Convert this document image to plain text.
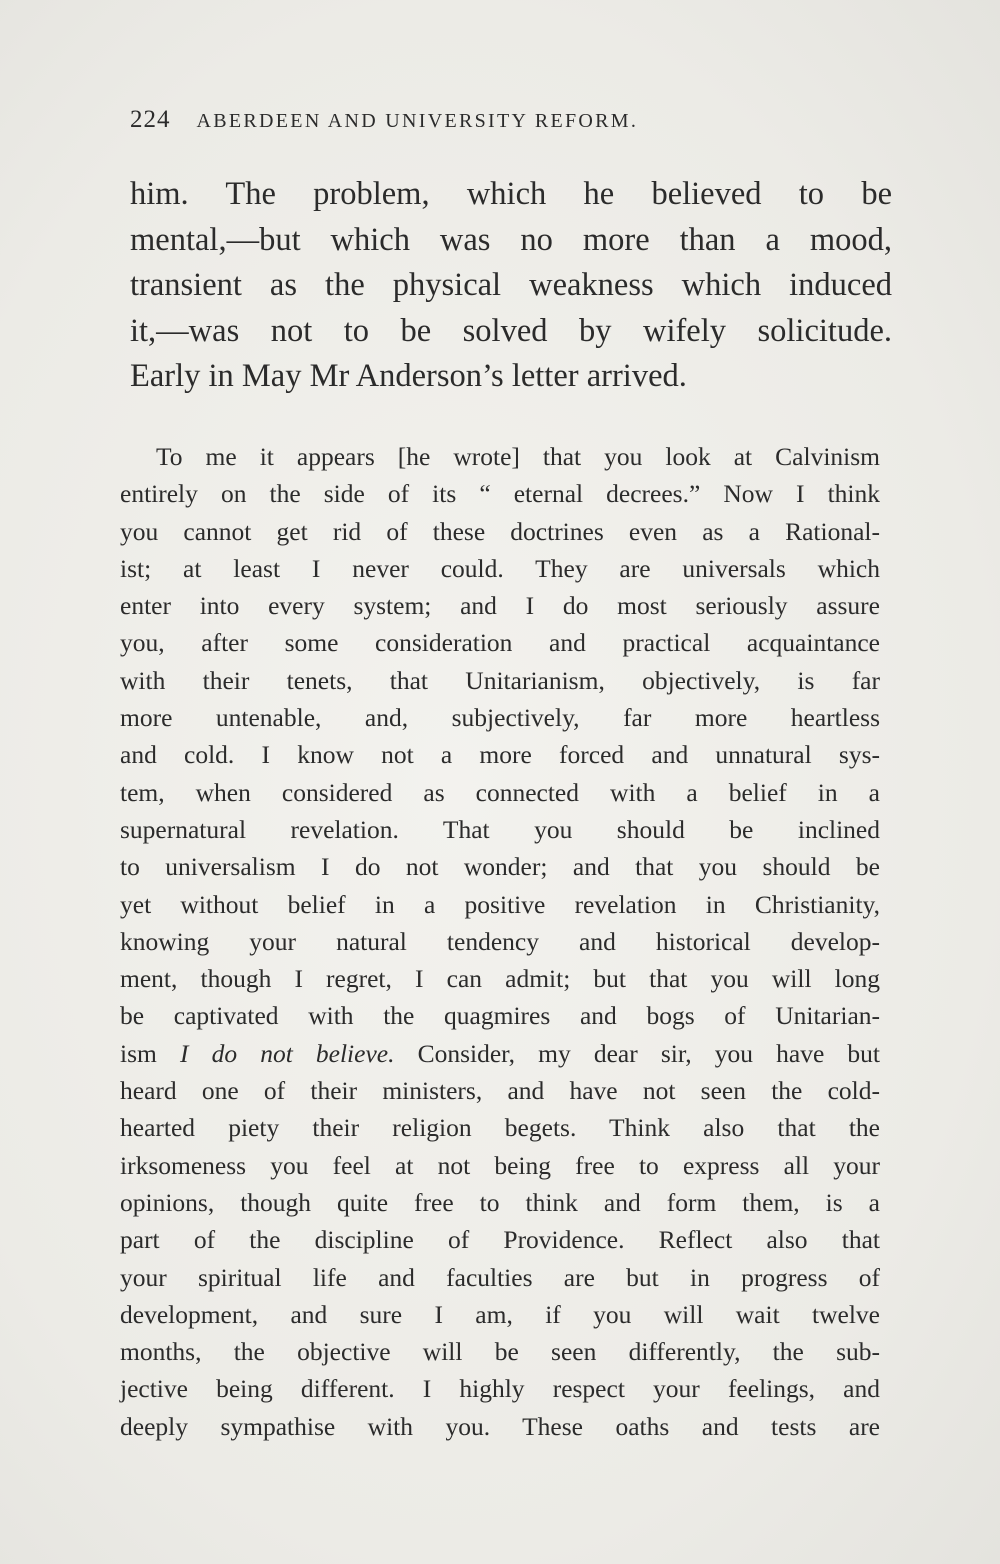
224 ABERDEEN AND UNIVERSITY REFORM.
him. The problem, which he believed to be
mental,—but which was no more than a mood,
transient as the physical weakness which induced
it,—was not to be solved by wifely solicitude.
Early in May Mr Anderson’s letter arrived.
To me it appears [he wrote] that you look at Calvinism
entirely on the side of its “ eternal decrees.” Now I think
you cannot get rid of these doctrines even as a Rational-
ist; at least I never could. They are universals which
enter into every system; and I do most seriously assure
you, after some consideration and practical acquaintance
with their tenets, that Unitarianism, objectively, is far
more untenable, and, subjectively, far more heartless
and cold. I know not a more forced and unnatural sys-
tem, when considered as connected with a belief in a
supernatural revelation. That you should be inclined
to universalism I do not wonder; and that you should be
yet without belief in a positive revelation in Christianity,
knowing your natural tendency and historical develop-
ment, though I regret, I can admit; but that you will long
be captivated with the quagmires and bogs of Unitarian-
ism I do not believe. Consider, my dear sir, you have but
heard one of their ministers, and have not seen the cold-
hearted piety their religion begets. Think also that the
irksomeness you feel at not being free to express all your
opinions, though quite free to think and form them, is a
part of the discipline of Providence. Reflect also that
your spiritual life and faculties are but in progress of
development, and sure I am, if you will wait twelve
months, the objective will be seen differently, the sub-
jective being different. I highly respect your feelings, and
deeply sympathise with you. These oaths and tests are
